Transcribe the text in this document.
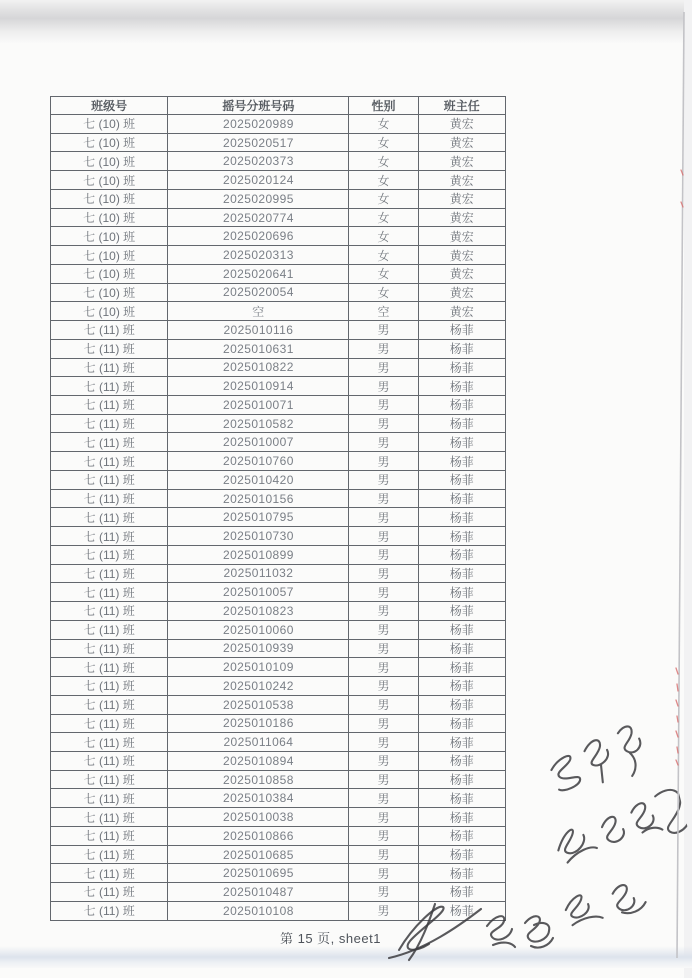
班级号	摇号分班号码	性别	班主任
七 (10) 班	2025020989	女	黄宏
七 (10) 班	2025020517	女	黄宏
七 (10) 班	2025020373	女	黄宏
七 (10) 班	2025020124	女	黄宏
七 (10) 班	2025020995	女	黄宏
七 (10) 班	2025020774	女	黄宏
七 (10) 班	2025020696	女	黄宏
七 (10) 班	2025020313	女	黄宏
七 (10) 班	2025020641	女	黄宏
七 (10) 班	2025020054	女	黄宏
七 (10) 班	空	空	黄宏
七 (11) 班	2025010116	男	杨菲
七 (11) 班	2025010631	男	杨菲
七 (11) 班	2025010822	男	杨菲
七 (11) 班	2025010914	男	杨菲
七 (11) 班	2025010071	男	杨菲
七 (11) 班	2025010582	男	杨菲
七 (11) 班	2025010007	男	杨菲
七 (11) 班	2025010760	男	杨菲
七 (11) 班	2025010420	男	杨菲
七 (11) 班	2025010156	男	杨菲
七 (11) 班	2025010795	男	杨菲
七 (11) 班	2025010730	男	杨菲
七 (11) 班	2025010899	男	杨菲
七 (11) 班	2025011032	男	杨菲
七 (11) 班	2025010057	男	杨菲
七 (11) 班	2025010823	男	杨菲
七 (11) 班	2025010060	男	杨菲
七 (11) 班	2025010939	男	杨菲
七 (11) 班	2025010109	男	杨菲
七 (11) 班	2025010242	男	杨菲
七 (11) 班	2025010538	男	杨菲
七 (11) 班	2025010186	男	杨菲
七 (11) 班	2025011064	男	杨菲
七 (11) 班	2025010894	男	杨菲
七 (11) 班	2025010858	男	杨菲
七 (11) 班	2025010384	男	杨菲
七 (11) 班	2025010038	男	杨菲
七 (11) 班	2025010866	男	杨菲
七 (11) 班	2025010685	男	杨菲
七 (11) 班	2025010695	男	杨菲
七 (11) 班	2025010487	男	杨菲
七 (11) 班	2025010108	男	杨菲
第 15 页, sheet1
